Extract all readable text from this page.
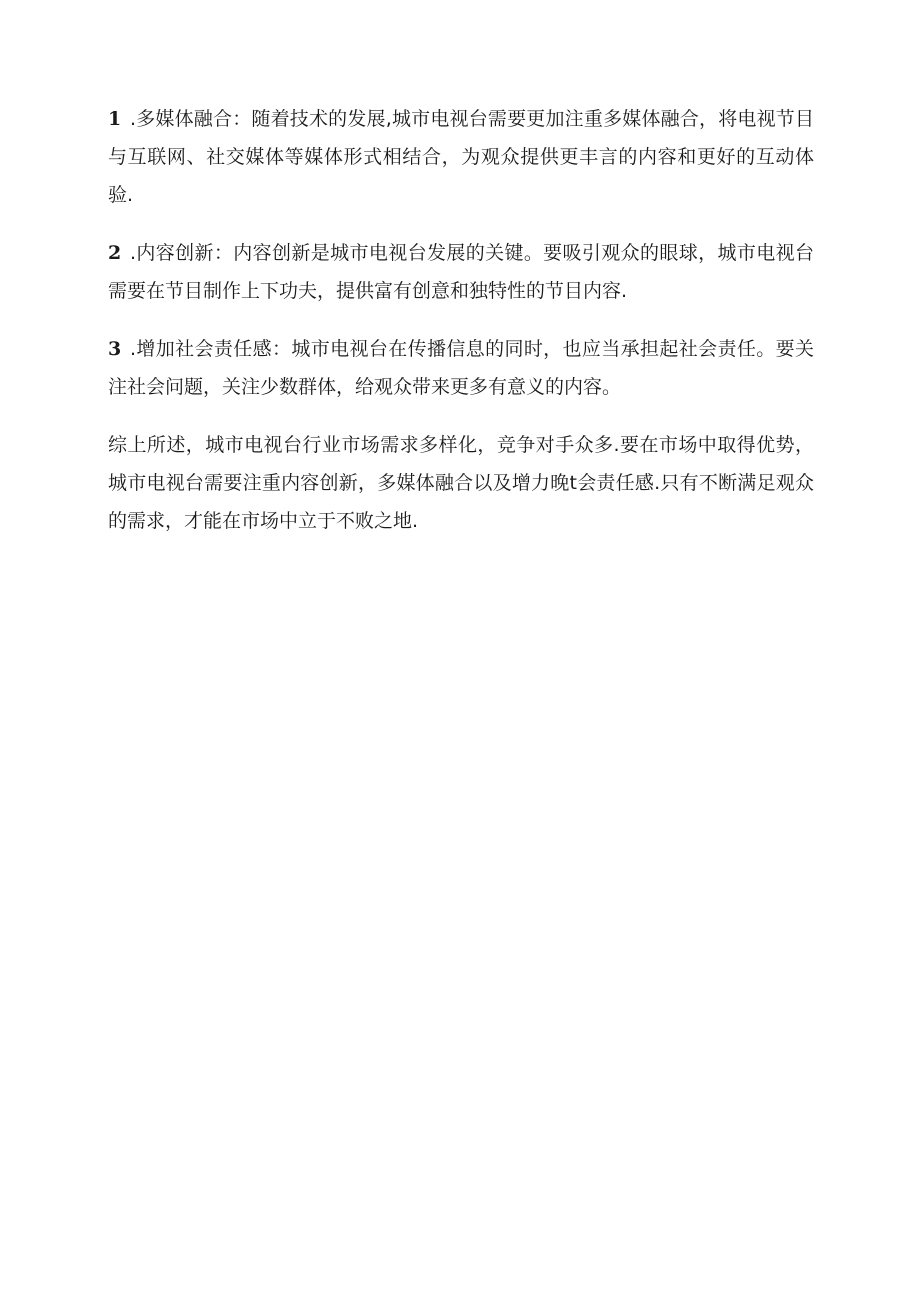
1 .多媒体融合：随着技术的发展,城市电视台需要更加注重多媒体融合，将电视节目与互联网、社交媒体等媒体形式相结合，为观众提供更丰言的内容和更好的互动体验.

2 .内容创新：内容创新是城市电视台发展的关键。要吸引观众的眼球，城市电视台需要在节目制作上下功夫，提供富有创意和独特性的节目内容.

3 .增加社会责任感：城市电视台在传播信息的同时，也应当承担起社会责任。要关注社会问题，关注少数群体，给观众带来更多有意义的内容。

综上所述，城市电视台行业市场需求多样化，竞争对手众多.要在市场中取得优势，城市电视台需要注重内容创新，多媒体融合以及增力晚t会责任感.只有不断满足观众的需求，才能在市场中立于不败之地.
